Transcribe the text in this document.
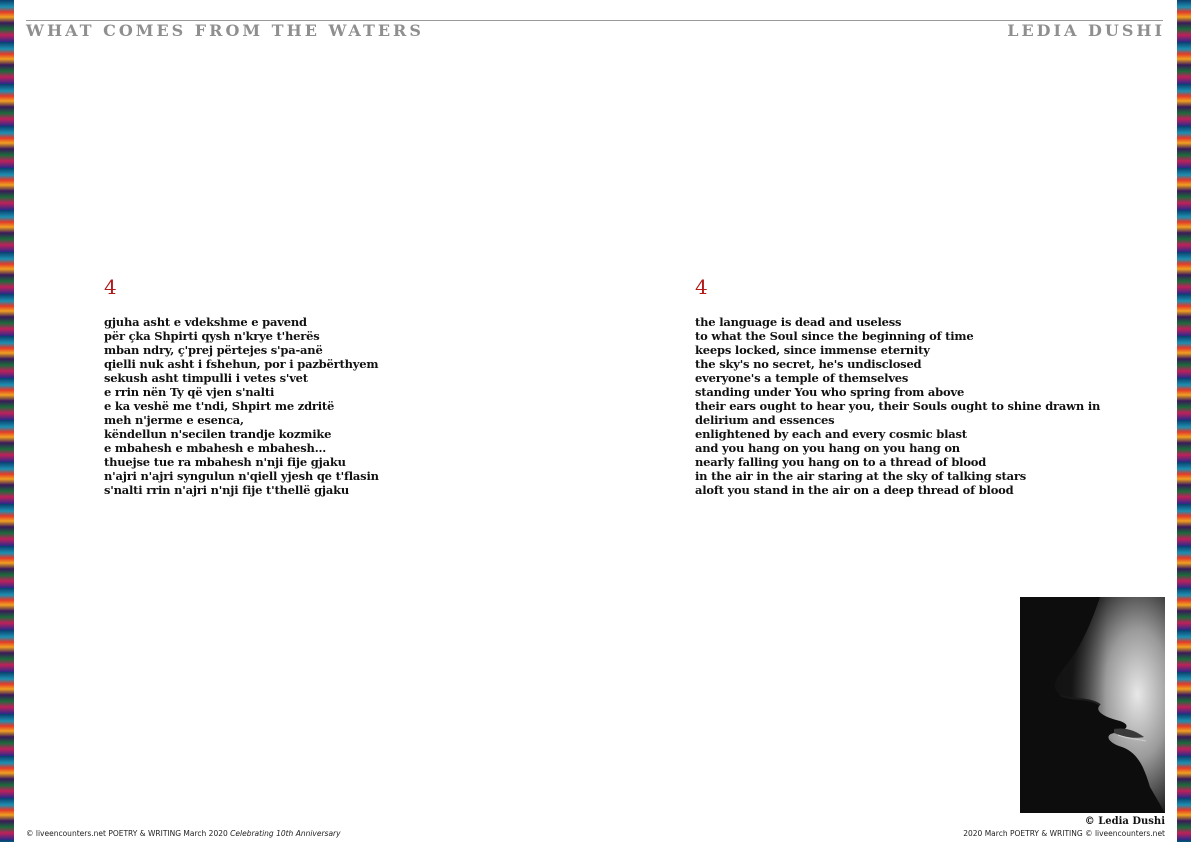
WHAT COMES FROM THE WATERS	LEDIA DUSHI
4
gjuha asht e vdekshme e pavend
për çka Shpirti qysh n'krye t'herës
mban ndry, ç'prej përtejes s'pa-anë
qielli nuk asht i fshehun, por i pazbërthyem
sekush asht timpulli i vetes s'vet
e rrin nën Ty që vjen s'nalti
e ka veshë me t'ndi, Shpirt me zdritë
meh n'jerme e esenca,
këndellun n'secilen trandje kozmike
e mbahesh e mbahesh e mbahesh…
thuejse tue ra mbahesh n'nji fije gjaku
n'ajri n'ajri syngulun n'qiell yjesh qe t'flasin
s'nalti rrin n'ajri n'nji fije t'thellë gjaku
4
the language is dead and useless
to what the Soul since the beginning of time
keeps locked, since immense eternity
the sky's no secret, he's undisclosed
everyone's a temple of themselves
standing under You who spring from above
their ears ought to hear you, their Souls ought to shine drawn in delirium and essences
enlightened by each and every cosmic blast
and you hang on you hang on you hang on
nearly falling you hang on to a thread of blood
in the air in the air staring at the sky of talking stars
aloft you stand in the air on a deep thread of blood
© Ledia Dushi
© liveencounters.net POETRY & WRITING March 2020 Celebrating 10th Anniversary	2020 March POETRY & WRITING © liveencounters.net
